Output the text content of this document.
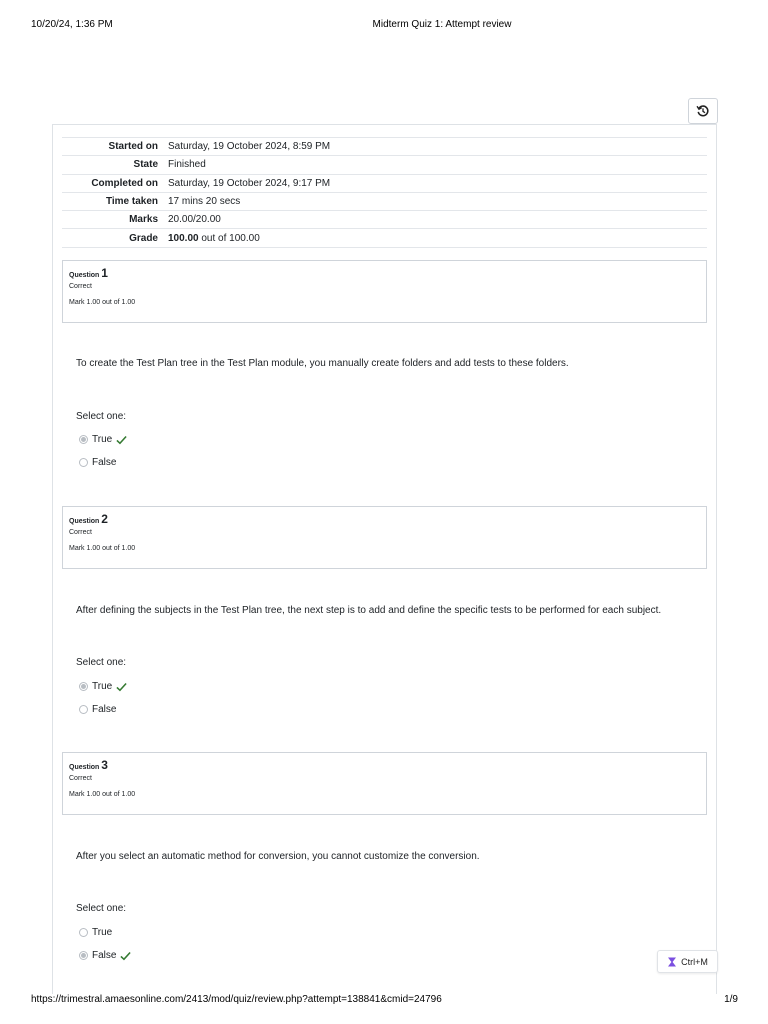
10/20/24, 1:36 PM	Midterm Quiz 1: Attempt review
Started on	Saturday, 19 October 2024, 8:59 PM
State	Finished
Completed on	Saturday, 19 October 2024, 9:17 PM
Time taken	17 mins 20 secs
Marks	20.00/20.00
Grade	100.00 out of 100.00
Question 1
Correct
Mark 1.00 out of 1.00
To create the Test Plan tree in the Test Plan module, you manually create folders and add tests to these folders.
Select one:
True
False
Question 2
Correct
Mark 1.00 out of 1.00
After defining the subjects in the Test Plan tree, the next step is to add and define the specific tests to be performed for each subject.
Select one:
True
False
Question 3
Correct
Mark 1.00 out of 1.00
After you select an automatic method for conversion, you cannot customize the conversion.
Select one:
True
False
Ctrl+M
https://trimestral.amaesonline.com/2413/mod/quiz/review.php?attempt=138841&cmid=24796	1/9
